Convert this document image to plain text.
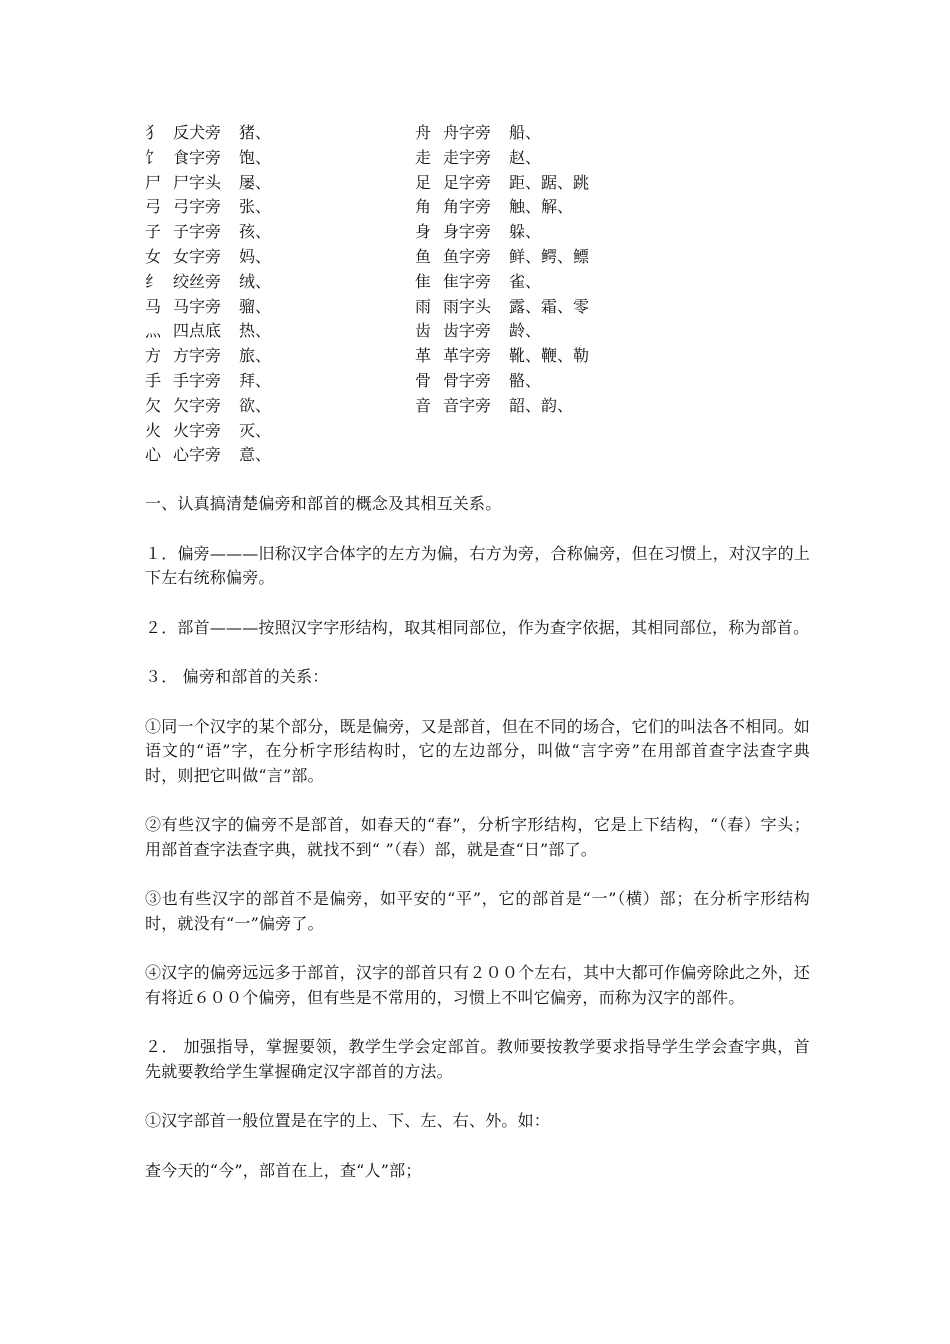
犭 反犬旁 猪、
饣 食字旁 饱、
尸 尸字头 屡、
弓 弓字旁 张、
子 子字旁 孩、
女 女字旁 妈、
纟 绞丝旁 绒、
马 马字旁 骝、
灬 四点底 热、
方 方字旁 旅、
手 手字旁 拜、
欠 欠字旁 欲、
火 火字旁 灭、
心 心字旁 意、
舟 舟字旁 船、
走 走字旁 赵、
足 足字旁 距、踞、跳
角 角字旁 触、解、
身 身字旁 躲、
鱼 鱼字旁 鲜、鳄、鳔
隹 隹字旁 雀、
雨 雨字头 露、霜、零
齿 齿字旁 龄、
革 革字旁 靴、鞭、勒
骨 骨字旁 骼、
音 音字旁 韶、韵、

一、认真搞清楚偏旁和部首的概念及其相互关系。

１．偏旁———旧称汉字合体字的左方为偏，右方为旁，合称偏旁，但在习惯上，对汉字的上下左右统称偏旁。

２．部首———按照汉字字形结构，取其相同部位，作为查字依据，其相同部位，称为部首。

３． 偏旁和部首的关系：

①同一个汉字的某个部分，既是偏旁，又是部首，但在不同的场合，它们的叫法各不相同。如语文的“语”字，在分析字形结构时，它的左边部分，叫做“言字旁”在用部首查字法查字典时，则把它叫做“言”部。

②有些汉字的偏旁不是部首，如春天的“春”，分析字形结构，它是上下结构，“（春）字头；用部首查字法查字典，就找不到“ ”（春）部，就是查“日”部了。

③也有些汉字的部首不是偏旁，如平安的“平”，它的部首是“一”（横）部；在分析字形结构时，就没有“一”偏旁了。

④汉字的偏旁远远多于部首，汉字的部首只有２００个左右，其中大都可作偏旁除此之外，还有将近６００个偏旁，但有些是不常用的，习惯上不叫它偏旁，而称为汉字的部件。

２． 加强指导，掌握要领，教学生学会定部首。教师要按教学要求指导学生学会查字典，首先就要教给学生掌握确定汉字部首的方法。

①汉字部首一般位置是在字的上、下、左、右、外。如：

查今天的“今”，部首在上，查“人”部；
